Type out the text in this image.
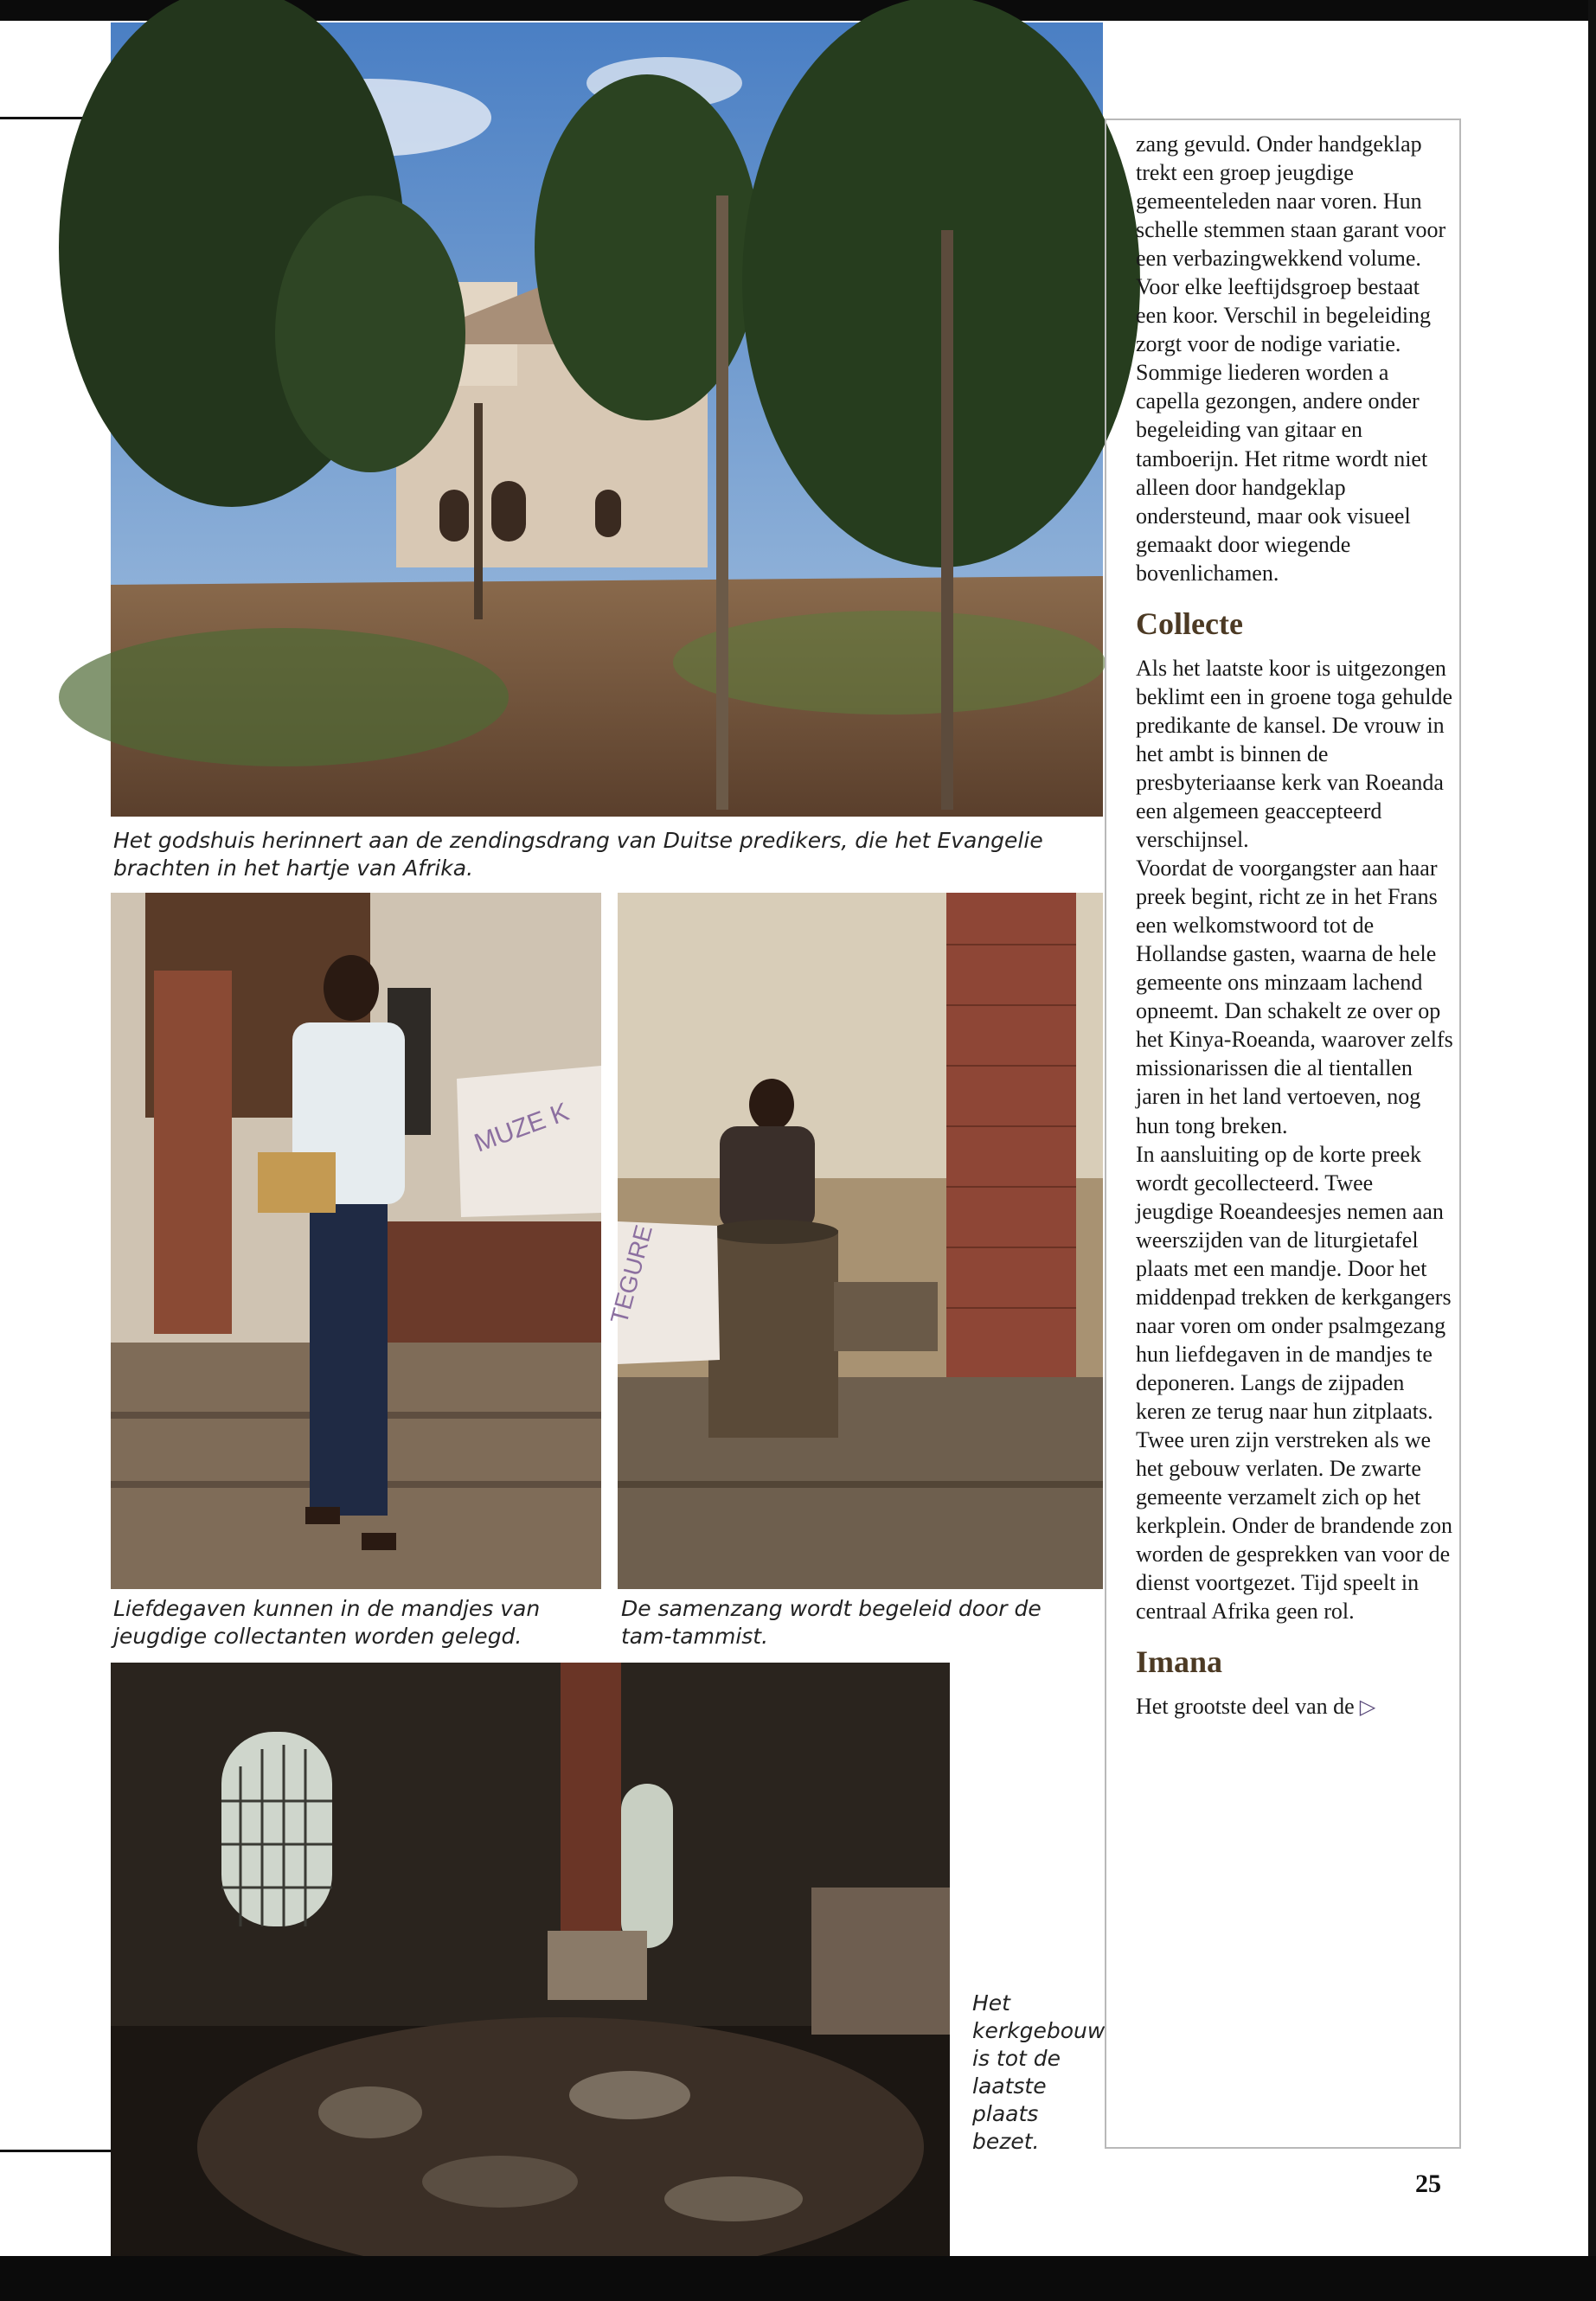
Het godshuis herinnert aan de zendingsdrang van Duitse predikers, die het Evangelie brachten in het hartje van Afrika.

MUZE K

Liefdegaven kunnen in de mandjes van jeugdige collectanten worden gelegd.

TEGURE

De samenzang wordt begeleid door de tam-tammist.

Het kerkgebouw is tot de laatste plaats bezet.

zang gevuld. Onder handgeklap trekt een groep jeugdige gemeenteleden naar voren. Hun schelle stemmen staan garant voor een verbazingwekkend volume.

Voor elke leeftijdsgroep bestaat een koor. Verschil in begeleiding zorgt voor de nodige variatie. Sommige liederen worden a capella gezongen, andere onder begeleiding van gitaar en tamboerijn. Het ritme wordt niet alleen door handgeklap ondersteund, maar ook visueel gemaakt door wiegende bovenlichamen.

Collecte

Als het laatste koor is uitgezongen beklimt een in groene toga gehulde predikante de kansel. De vrouw in het ambt is binnen de presbyteriaanse kerk van Roeanda een algemeen geaccepteerd verschijnsel.

Voordat de voorgangster aan haar preek begint, richt ze in het Frans een welkomstwoord tot de Hollandse gasten, waarna de hele gemeente ons minzaam lachend opneemt. Dan schakelt ze over op het Kinya-Roeanda, waarover zelfs missionarissen die al tientallen jaren in het land vertoeven, nog hun tong breken.

In aansluiting op de korte preek wordt gecollecteerd. Twee jeugdige Roeandeesjes nemen aan weerszijden van de liturgietafel plaats met een mandje. Door het middenpad trekken de kerkgangers naar voren om onder psalmgezang hun liefdegaven in de mandjes te deponeren. Langs de zijpaden keren ze terug naar hun zitplaats.

Twee uren zijn verstreken als we het gebouw verlaten. De zwarte gemeente verzamelt zich op het kerkplein. Onder de brandende zon worden de gesprekken van voor de dienst voortgezet. Tijd speelt in centraal Afrika geen rol.

Imana

Het grootste deel van de ▷

25
